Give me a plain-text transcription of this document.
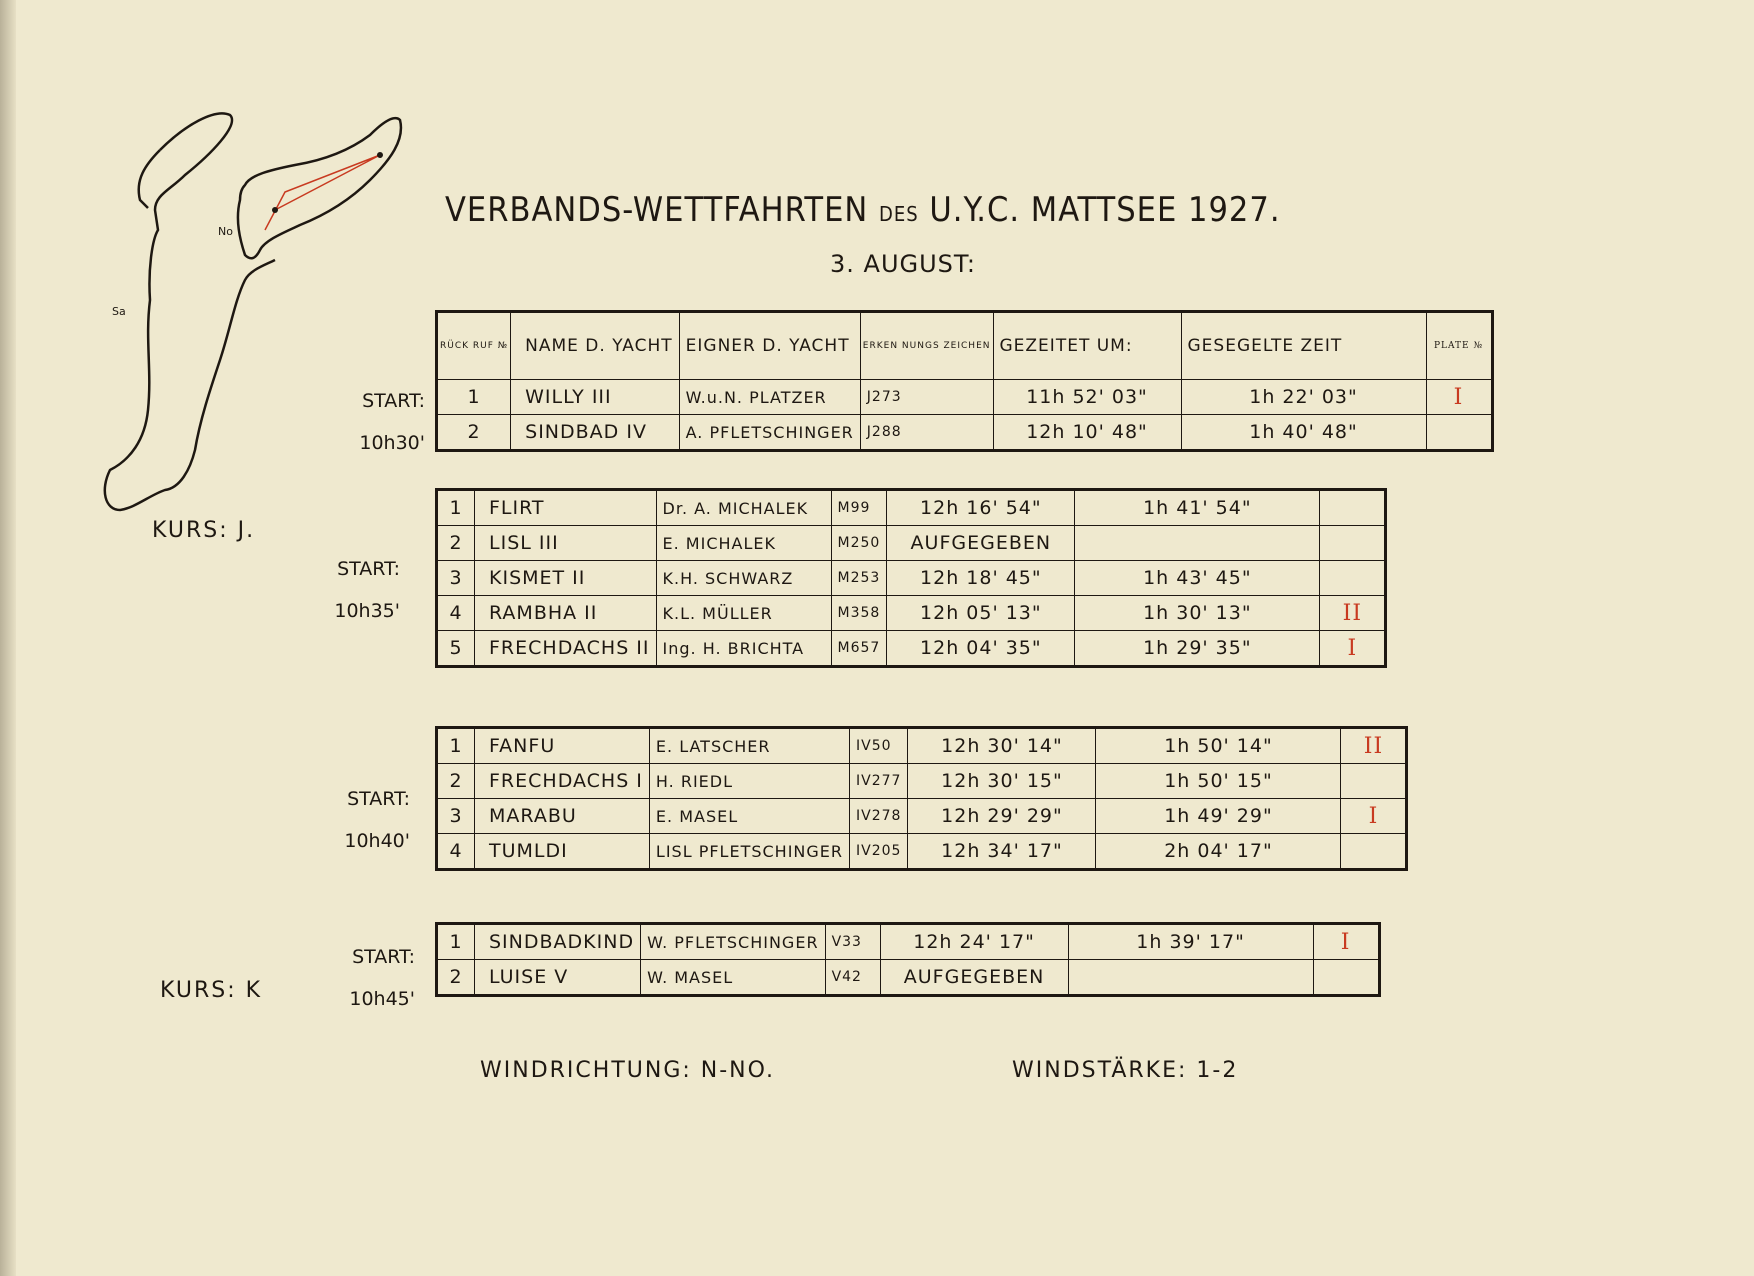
No
Sa
VERBANDS-WETTFAHRTEN DES U.Y.C. MATTSEE 1927.
3. AUGUST:
KURS: J.
KURS: K
START:
10h30'
RÜCK RUF №	NAME D. YACHT	EIGNER D. YACHT	ERKEN NUNGS ZEICHEN	GEZEITET UM:	GESEGELTE ZEIT	PLATE №
1	WILLY III	W.u.N. PLATZER	J273	11h 52' 03"	1h 22' 03"	I
2	SINDBAD IV	A. PFLETSCHINGER	J288	12h 10' 48"	1h 40' 48"	
START:
10h35'
1	FLIRT	Dr. A. MICHALEK	M99	12h 16' 54"	1h 41' 54"	
2	LISL III	E. MICHALEK	M250	AUFGEGEBEN		
3	KISMET II	K.H. SCHWARZ	M253	12h 18' 45"	1h 43' 45"	
4	RAMBHA II	K.L. MÜLLER	M358	12h 05' 13"	1h 30' 13"	II
5	FRECHDACHS II	Ing. H. BRICHTA	M657	12h 04' 35"	1h 29' 35"	I
START:
10h40'
1	FANFU	E. LATSCHER	IV50	12h 30' 14"	1h 50' 14"	II
2	FRECHDACHS I	H. RIEDL	IV277	12h 30' 15"	1h 50' 15"	
3	MARABU	E. MASEL	IV278	12h 29' 29"	1h 49' 29"	I
4	TUMLDI	LISL PFLETSCHINGER	IV205	12h 34' 17"	2h 04' 17"	
START:
10h45'
1	SINDBADKIND	W. PFLETSCHINGER	V33	12h 24' 17"	1h 39' 17"	I
2	LUISE V	W. MASEL	V42	AUFGEGEBEN		
WINDRICHTUNG: N-NO.	WINDSTÄRKE: 1-2
